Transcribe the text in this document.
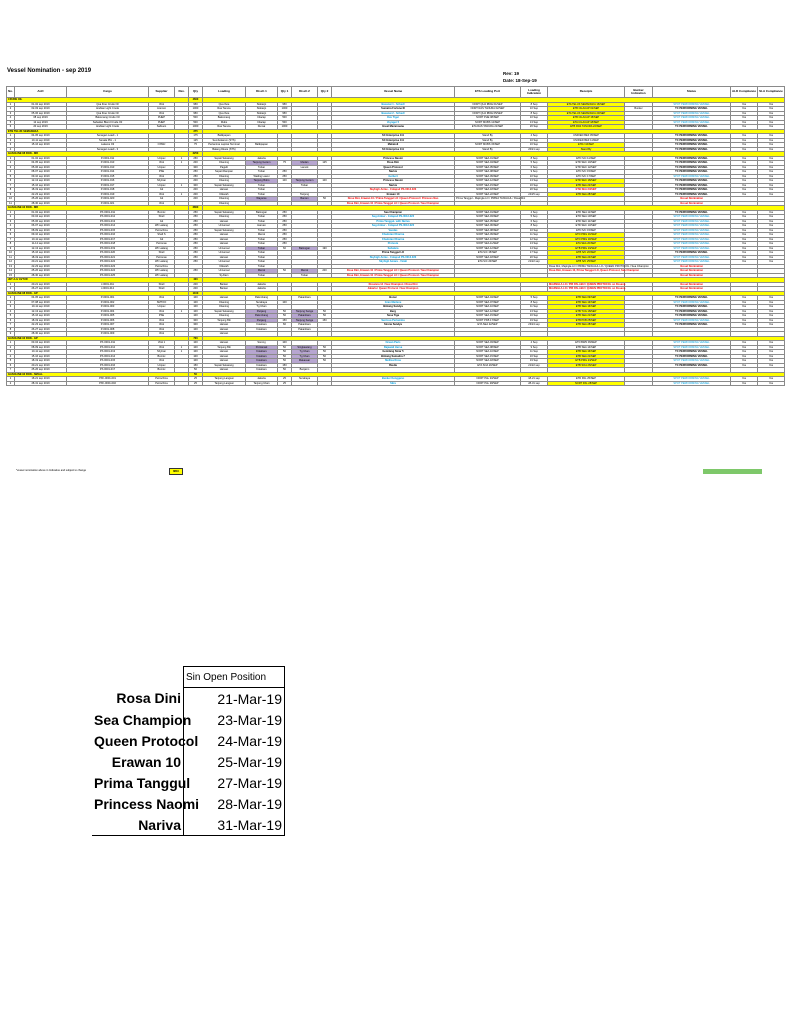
Vessel Nomination - sep 2019	Rev: 19
Date: 18-Sep-19
No.	ALD	Cargo	Supplier	Rev.	Qty	Loading	Disch 1	Qty 1	Disch 2	Qty 2	Vessel Name	ETA Loading Port	Loading Indication	Receipts	Bunker Indication	Status	ALD Compliance	SLA Compliance
CRUDE OIL					4600													
1	01-02 sep 2019	Qua Iboe Crude Oil	Vitol		950	Qua Iboe	Sidoarjo	950			Basanai 1 - Schedl	NORT QUA IBOE 01/SEP	8 Sep	ETA TELUK SEMANGKA 16/SEP		SPOT PERFORMING VESSEL	Yes	Yes
2	02-03 sep 2019	Arabian Light Crude	Aramco		1000	Ras Tanura	Sidoarjo	1000			Sumatra Fortune III	NORT RAS TANURA 02/SEP	10 Sep	ETB CILACAP 01/SEP	Bunker	TC PERFORMING VESSEL	Yes	Yes
3	05-06 sep 2019	Qua Iboe Crude Oil	Vitol		950	Qua Iboe	Sidoarjo	950			Basanai 2 - Schedl	NORT QUA IBOE 05/SEP	8 Sep	ETA TELUK SEMANGKA 20/SEP		SPOT PERFORMING VESSEL	Yes	Yes
4	08 sep 2019	Bakomang Crude Oil	PHEP		500	Bakomang	Cilacap	500			Ocu Tiger	NORT PHE 08/SEP	10 Sep	ETB CILACAP 15/SEP		SPOT PERFORMING VESSEL	Yes	Yes
5	12 sep 2019	Sabadan Blend Crude Oil	PHEP		500	Mubs	Cilacap	500			Voyager 5	NORT MUBS 12/SEP	13 Sep	ETA CILACAP 18/SEP		SPOT PERFORMING VESSEL	Yes	Yes
6	20 sep 2019	Arabian Light Crude	Sabtuco		1000	Ras Tanura	Dumai	1000			Great Mammoana	ETA RAS TANURA 21/SEP	26 Sep	ETB RAS TANURA 22/SEP		TC PERFORMING VESSEL	Yes	Yes
ETB TELUK SEMANGKA					375													
1	04-05 sep 2019	Senagan Leadi - 1			175	Balikpapan					SC Enterprise 111	Stand By	4 Sep	UNIFIED BEF 05/SEP		TC PERFORMING VESSEL	Yes	Yes
2	10-11 sep 2019	Senala Pltn - 1			125	Sembokarum (STS)					SC Enterprise 111	Stand By	10 Sep	UNIFIED BEF 11/SEP		TC PERFORMING VESSEL	Yes	Yes
3	15-16 sep 2019	Lalaune Oil	ONWJ		75	Pertamina Lapinai Terminal	Balikpapan				Mahatoli	NORT MUBS 15/SEP	16 Sep	ETDJ 16/SEP		TC PERFORMING VESSEL	Yes	Yes
4		Senagan Leadi - 3				Balang Dkara (STS)					SC Enterprise 111	Stand By	20/21 sep	Stand By		TC PERFORMING VESSEL	Yes	Yes
GASOLINE 88 RON - MR					2250													
1	01-02 sep 2019	P-0001-011	Unipec	1	250	Sepati Sekarang	Jakarta				Princess Naomi	NORT SEA 01/SEP	8 Sep	ETD S/C 11/SEP		TC PERFORMING VESSEL	Yes	Yes
2	04-05 sep 2019	P-0001-013	Vitol	1	200	Olsening	Tanjung Gerem	75	Medan	125	Rosa Dini	NORT SEA 04/SEP	5 Sep	ETD SEC 10/SEP		TC PERFORMING VESSEL	Yes	Yes
3	05-06 sep 2019	P-0001-013	Unipec		300	Pagulit	Tuban		Lamok		Queen Protocol	NORT SEA 05/SEP	6 Sep	ETD SEC 12/SEP		TC PERFORMING VESSEL	Yes	Yes
4	08-07 sep 2019	P-0001-014	PSE		250	Sepati Rampan	Tuban	250			Nariva	NORT SEA 08/SEP	9 Sep	ETD S/C 15/SEP		TC PERFORMING VESSEL	Yes	Yes
5	09-10 sep 2019	P-0001-015	Vitol		250	Olsening	Wailing Lawui	250			Gerbert	NORT SEA 09/SEP	10 Sep	ETD S/C 17/SEP		SPOT PERFORMING VESSEL	Yes	Yes
6	12-13 sep 2019	P-0001-016	Shytran		200	Olsening	Tanjung Bobo	100	Tanjung Gerem	100	Princess Naomi	NORT SEA 12/SEP	13 Sep	ETD SEC 18/SEP		TC PERFORMING VESSEL	Yes	Yes
7	15-16 sep 2019	P-0001-017	Unipec	1	300	Sepati Sekarang	Tuban		Tuban		Nariva	NORT SEA 15/SEP	16 Sep	ETB SEA 22/SEP		TC PERFORMING VESSEL	Yes	Yes
8	18-19 sep 2019	P-0001-018	Git		200	Haruan	Tuban				Skyhigh Annie - Colapsd PS-0013-023	NORT SEA 18/SEP	20 Sep	ETB SEA 24/SEP		TC PERFORMING VESSEL	Yes	Yes
9	22-23 sep 2019	P-0001-019	Vitol	1	200	Dikarah	Tuban		Tanjung		Erawan 10	NORT SEA 22/SEP	24/25 sep	ETB SEA 28/SEP		TC PERFORMING VESSEL	Yes	Yes
10	25-26 sep 2019	P-0001-020	Git		200	Olsening	Wayame		Banten	50	Rosa Dini, Erawan 10 / Prima Tanggul LO / Queen Protocol / Princess Nao	Prima Tanggul - Majingla LO / PRIMA TANGGUL / Rosa Dini				Vessel Nomination		
11	28-30 sep 2019	P-0001-021	Vitol			Olsening					Rosa Dini, Erawan 10 / Prima Tanggul LO / Queen Protocol / Sea Champion					Vessel Nomination		
GASOLINE 92 RON - MR					2800													
1	01-02 sep 2019	PX-0001-011	Bonnix		250	Sepati Sekarang	Balongan	250			Sea Champion	NORT SEA 01/SEP	4 Sep	ETD SEA 11/SEP		TC PERFORMING VESSEL	Yes	Yes
2	03-04 sep 2019	PX-0001-012	Shell		250	Olsening	Tuban	250			Seg Amber - Colapsd PS-0013-023	NORT SEA 03/SEP	5 Sep	ETD SEA 10/SEP		SPOT PERFORMING VESSEL	Yes	Yes
3	05-06 sep 2019	PX-0001-013	Git		250	Haruan	Tuban	250			Prima Tanggul- with Nariva	NORT SEA 05/SEP	6 Sep	ETD SEC 11/SEP		SPOT PERFORMING VESSEL	Yes	Yes
4	06-07 sep 2019	PX-0001-014	Wh Lailang		250	Universal	Haruan	250			Seg Amber - Colapsd PS-0013-023	NORT SEA 06/SEP	8 Sep	ETD SEC 13/SEP		SPOT PERFORMING VESSEL	Yes	Yes
5	08-09 sep 2019	PX-0001-015	Petrochina		250	Sepati Sekarang	Tuban	250			Veedas	NORT SEA 08/SEP	10 Sep	ETD S/C 15/SEP		SPOT PERFORMING VESSEL	Yes	Yes
6	09-10 sep 2019	PX-0001-016	Shell S		250	Haruan	Meruk	250			Chadotan Dharma	NORT SEA 09/SEP	11 Sep	ETD PMG 16/SEP		SPOT PERFORMING VESSEL	Yes	Yes
7	10-11 sep 2019	PX-0001-017	Git		250	Haruan	Tuban	250			Chadotan Dharma	NORT SEA 10/SEP	12 Sep	ETD PMG 18/SEP		SPOT PERFORMING VESSEL	Yes	Yes
8	11-12 sep 2019	PX-0001-018	Petronas		250	Haruan	Tuban	250			Proteste	NORT SEA 11/SEP	13 Sep	ETA SEA 20/SEP		SPOT PERFORMING VESSEL	Yes	Yes
9	12-13 sep 2019	PX-0001-019	Wh Lailang		250	Universal	Tuban	60	Balongan	190	Sahalara	NORT SEA 12/SEP	14 Sep	ETB PMG 19/SEP		SPOT PERFORMING VESSEL	Yes	Yes
10	15-16 sep 2019	PX-0001-020	Shell		250	Universal	Tuban				Prima Tanggul LO	ETA S/C 15/SEP	17 Sep	ETB S/C 20/SEP		TC PERFORMING VESSEL	Yes	Yes
11	18-19 sep 2019	PX-0001-021	Petronas		250	Haruan	Tuban				Skyhigh Annie - Colapsd PS-0013-023	NORT SEA 18/SEP	20 Sep	ETB SEA 24/SEP		SPOT PERFORMING VESSEL	Yes	Yes
12	20-21 sep 2019	PX-0001-022	Wh Lailang		250	Universal	Tuban				Skyhigh Amara - Vicali	ETA S/C 20/SEP	21/22 sep	ETB S/C 25/SEP		SPOT PERFORMING VESSEL	Yes	Yes
13	22-23 sep 2019	PX-0001-023	Petrochina			Dikarah	Tuban							Rosa Dini, Majingla LO / PRIMA TANGGUL LO / QUEEN PROTOCOL / Sea Champion		Vessel Nomination		
14	25-26 sep 2019	PX-0001-024	Wh Lailang		250	Universal	Meruk	50	Meruk	200	Rosa Dini, Erawan 10 / Prima Tanggul LO / Queen Protocol / Sea Champion			Rosa Dini, Erawan 10, Prima Tanggul LO, Queen Protocol, Sea Champion		Vessel Nomination		
15	28-30 sep 2019	PX-0001-025	Wh Lailang			Sj.Alam	Tuban		Tuban		Rosa Dini, Erawan 10 / Prima Tanggul LO / Queen Protocol / Sea Champion					Vessel Nomination		
JET A-1/ AVTUR					400													
1	20-21 sep 2019	J-0001-011	Shell		200	Banten	Jakarta				Rosanna 14 / Sea Champion / Rosa Dini			MAJINGLA LO / PRI PALABU / QUEEN PROTOCOL on Rosana		Vessel Nomination		
2	26-27 sep 2019	J-0001-012	Shell		200	Banten	Jakarta				Jakarta / Queen Protocol / Sea Champion			MAJINGLA LO / PRI PALABU / QUEEN PROTOCOL on Rosana		Vessel Nomination		
GASOLINE 88 RON - GP					1100													
1	04-05 sep 2019	P-0001-001	Vitol		100	Haruan	Palembang		Pakanbaru		Bonar	NORT SEA 04/SEP	5 Sep	ETB SEA 09/SEP		TC PERFORMING VESSEL	Yes	Yes
2	07-08 sep 2019	P-0001-002	SMTOO		100	Olsening	Surabaya	100			Gran Marlene	NORT SEA 07/SEP	8 Sep	ETB SEA 13/SEP		SPOT PERFORMING VESSEL	Yes	Yes
3	10-11 sep 2019	P-0001-003	Unipec		100	Olsening	Tg Uban				Bintang Sandya	NORT SEA 10/SEP	11 Sep	ETB SEA 16/SEP		TC PERFORMING VESSEL	Yes	Yes
4	12-13 sep 2019	P-0001-004	Vitol	1	100	Sepati Sekarang	Panjang	50	Tanjung Sange	50	Berg	NORT SEA 12/SEP	13 Sep	ETB TUG 18/SEP		TC PERFORMING VESSEL	Yes	Yes
5	15-16 sep 2019	P-0001-005	PSE		100	Olsening	Palembang	50	Pakanbaru	50	Sesa Tiga	NORT SEA 15/SEP	16 Sep	ETB SEA 21/SEP		TC PERFORMING VESSEL	Yes	Yes
6	18-19 sep 2019	P-0001-006	Vitol		300	Tanjung Biti	Panjang	150	Tanjung Sange	150	Sentosa Pertamina	NORT PKB 17/SEP	19 Sep	ETB PKB 25/SEP		SPOT PERFORMING VESSEL	Yes	Yes
7	22-23 sep 2019	P-0001-007	Vitol		300	Haruan	Kotabaru	60	Pakanbaru		Sirena Sandya	ETA SEA 22/SEP	23/24 sep	ETB SEA 28/SEP		TC PERFORMING VESSEL	Yes	Yes
8	26-27 sep 2019	P-0001-008	Vitol		100	Haruan	Kotabaru		Pakanbaru									
9	28-30 sep 2019	P-0001-009	Vitol			Haruan												
GASOLINE 92 RON - GP					700													
1	03-04 sep 2019	PX-0001-011	Vitol 1		100	Haruan	Sorong	100			Ocean Paris	NORT SEA 03/SEP	4 Sep	ETD BWN 09/SEP		SPOT PERFORMING VESSEL	Yes	Yes
2	08-09 sep 2019	PX-0001-012	Vitol	1	100	Tanjung Biti	Pontianak	50	Singkawang	50	Rajawali Hersa	NORT SEA 08/SEP	9 Sep	ETB SEA 14/SEP		SPOT PERFORMING VESSEL	Yes	Yes
3	10-11 sep 2019	PX-0001-013	Shytran	1	100	Haruan	Kotabaru	50	Tg Uban	50	Gemilang Sinar 5	NORT SEA 10/SEP	11 Sep	ETB SEA 16/SEP		TC PERFORMING VESSEL	Yes	Yes
4	15-16 sep 2019	PX-0001-014	Bonnix		100	Haruan	Kotabaru	50	Tg Uban	50	Bintang Samudra 7	NORT SEA 15/SEP	16 Sep	ETB SEA 21/SEP		TC PERFORMING VESSEL	Yes	Yes
5	18-19 sep 2019	PX-0001-015	Vitol		100	Haruan	Kotabaru	50	Makassar	50	Mellisa Rosa	NORT SEA 18/SEP	19 Sep	ETB PMG 23/SEP		SPOT PERFORMING VESSEL	Yes	Yes
6	20-21 sep 2019	PX-0001-016	Unipec		150	Sepati Sekarang	Kotabaru	150			Rasita	ETA SOA 20/SEP	21/22 sep	ETB SOA 26/SEP		TC PERFORMING VESSEL	Yes	Yes
7	25-26 sep 2019	PX-0001-017	Bonnix		50	Haruan	Kotabaru	50	Banjarm									
GASOLINE 92 RON - SMALL					50													
1	18-21 sep 2019	PXF-0001-001	Petrochina		25	Tanjung Langsat	Jakarta	25	Surabaya		Bunker Kenggano	NORT PAL 20/SEP	18-21 sep	ETD PAL 25/SEP		SPOT PERFORMING VESSEL	Yes	Yes
2	28-31 sep 2019	PXF-0001-002	Petrochina		25	Tanjung Langsat	Tanjung Uban	25			Sitra	NORT PAL 28/SEP	28-31 sep	NORT PAL 28/SEP		SPOT PERFORMING VESSEL	Yes	Yes
*vessel nomination above in Indicative and subject to change	8810
	Sin Open Position
Rosa Dini	21-Mar-19
Sea Champion	23-Mar-19
Queen Protocol	24-Mar-19
Erawan 10	25-Mar-19
Prima Tanggul	27-Mar-19
Princess Naomi	28-Mar-19
Nariva	31-Mar-19
